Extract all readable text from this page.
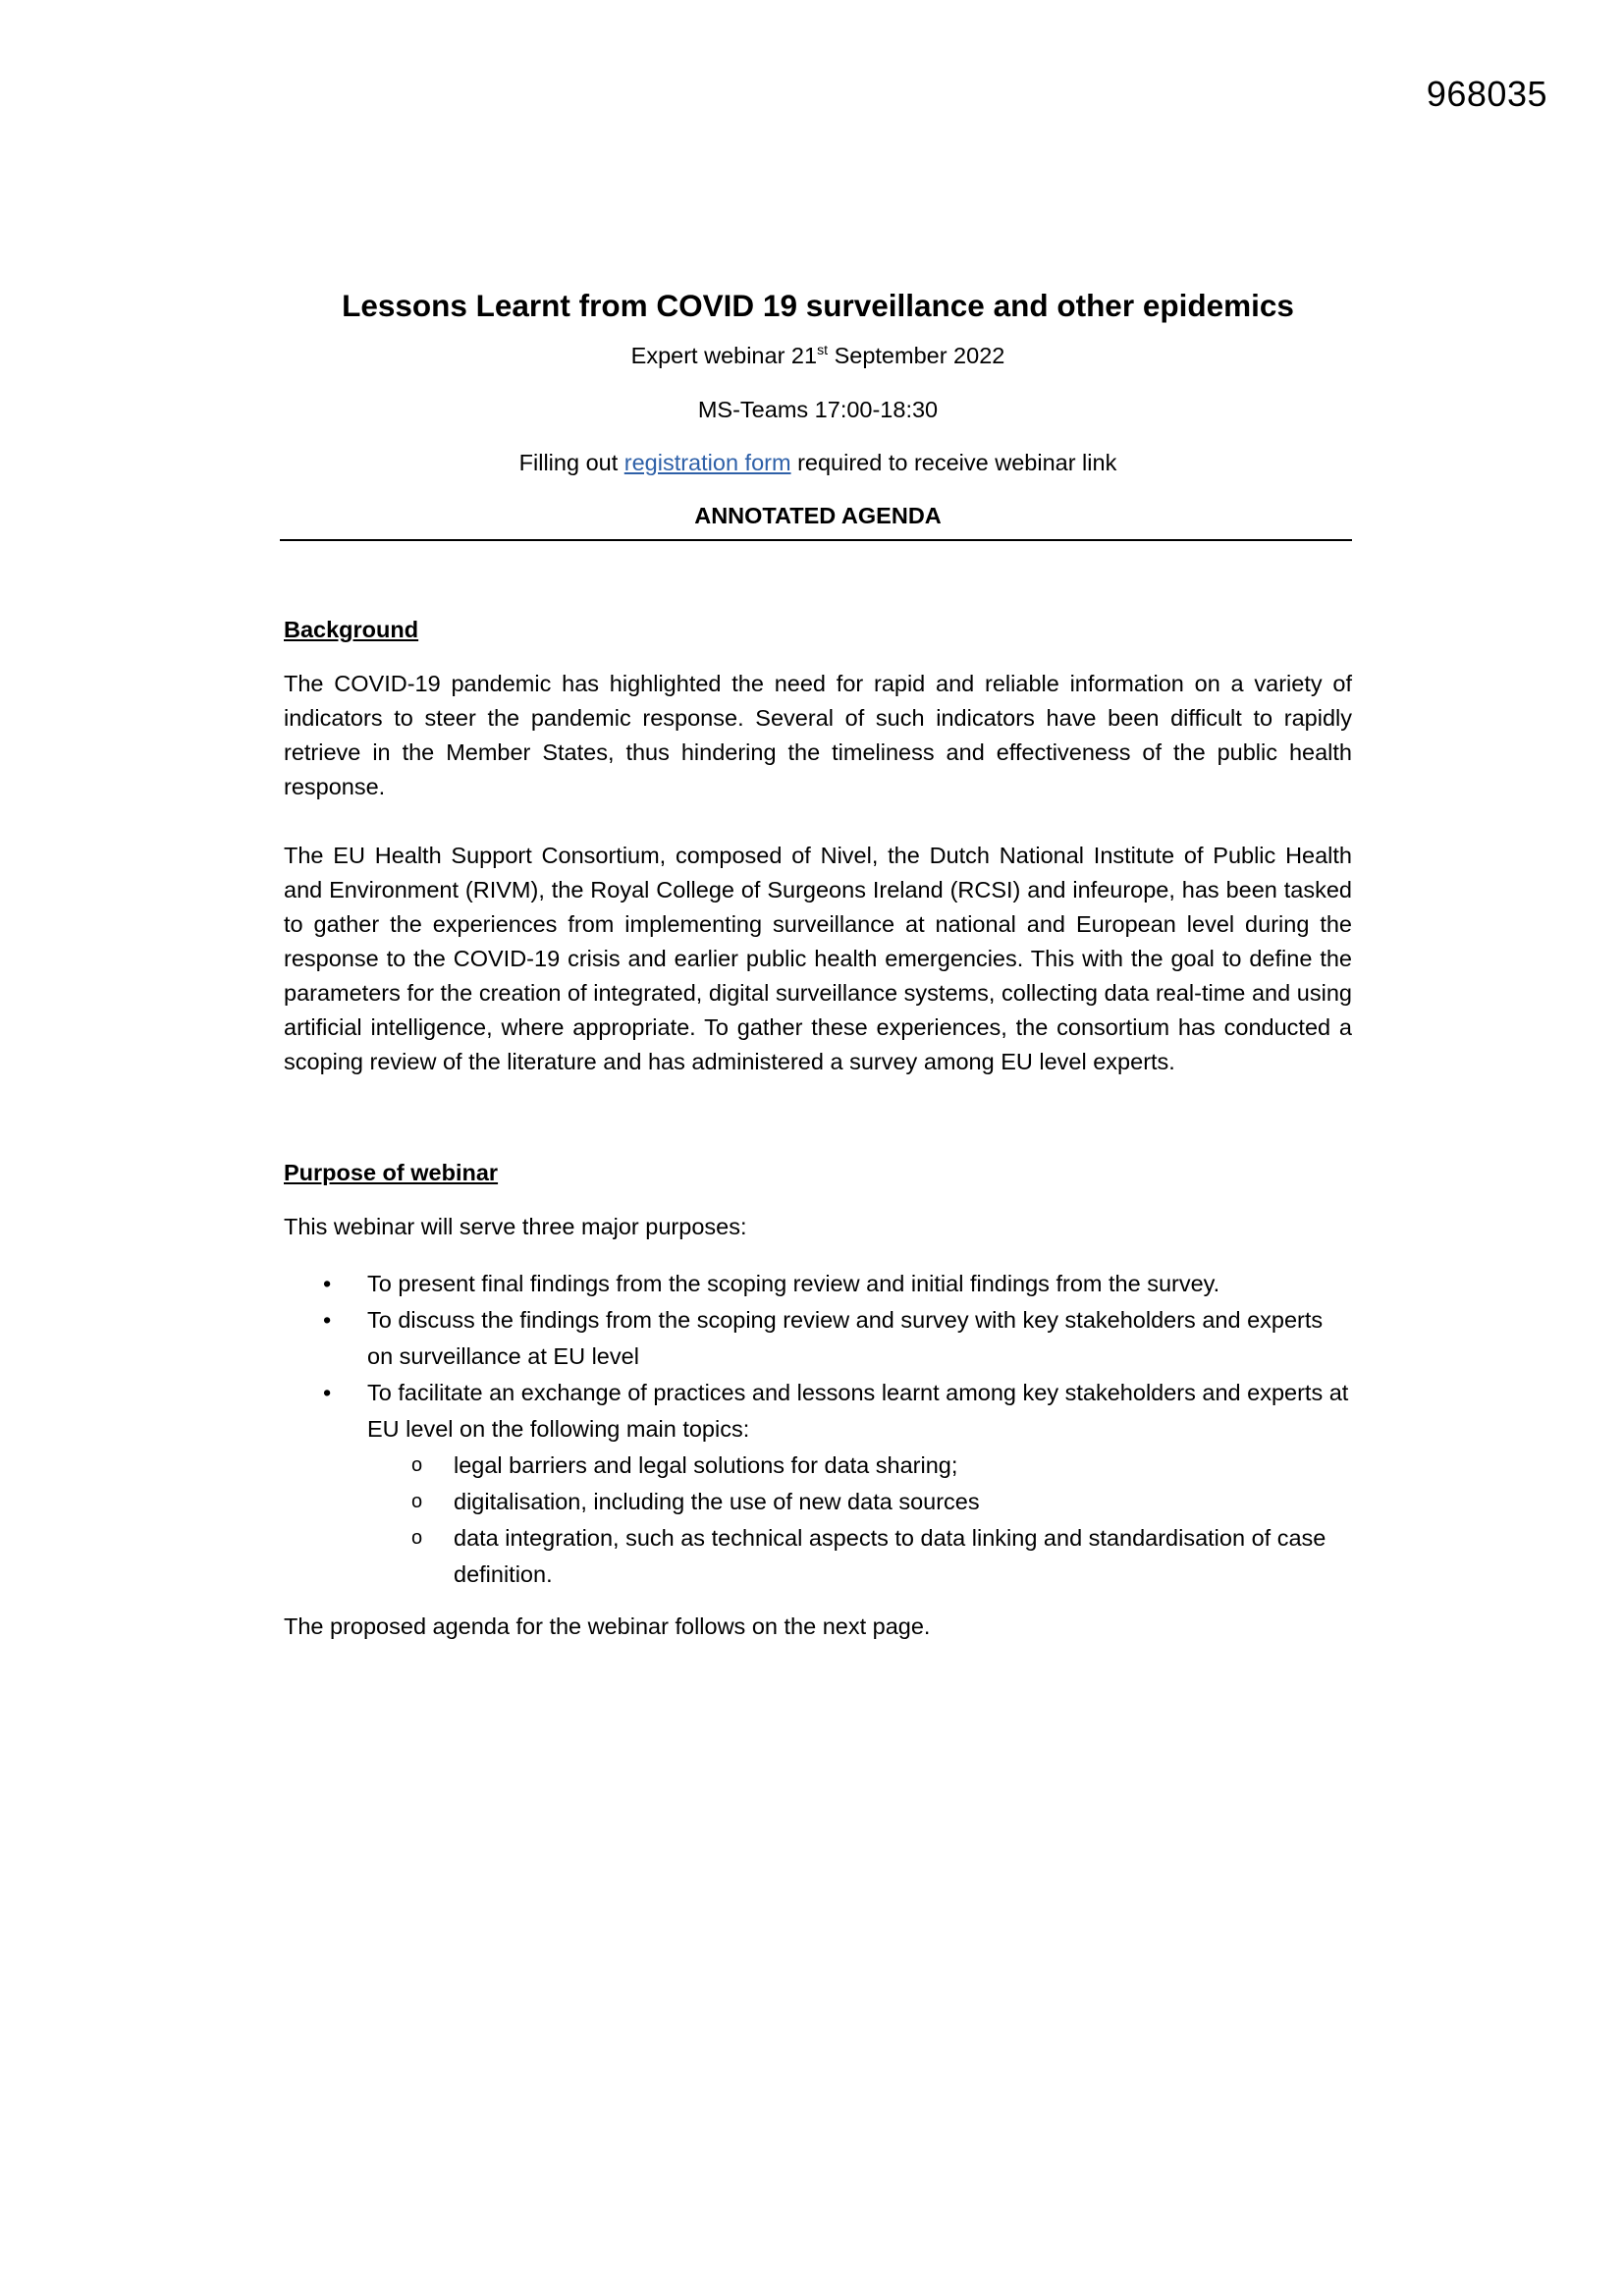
968035
Lessons Learnt from COVID 19 surveillance and other epidemics

Expert webinar 21st September 2022

MS-Teams 17:00-18:30

Filling out registration form required to receive webinar link

ANNOTATED AGENDA

Background

The COVID-19 pandemic has highlighted the need for rapid and reliable information on a variety of indicators to steer the pandemic response. Several of such indicators have been difficult to rapidly retrieve in the Member States, thus hindering the timeliness and effectiveness of the public health response.

The EU Health Support Consortium, composed of Nivel, the Dutch National Institute of Public Health and Environment (RIVM), the Royal College of Surgeons Ireland (RCSI) and infeurope, has been tasked to gather the experiences from implementing surveillance at national and European level during the response to the COVID-19 crisis and earlier public health emergencies. This with the goal to define the parameters for the creation of integrated, digital surveillance systems, collecting data real-time and using artificial intelligence, where appropriate. To gather these experiences, the consortium has conducted a scoping review of the literature and has administered a survey among EU level experts.

Purpose of webinar

This webinar will serve three major purposes:

• To present final findings from the scoping review and initial findings from the survey.
• To discuss the findings from the scoping review and survey with key stakeholders and experts on surveillance at EU level
• To facilitate an exchange of practices and lessons learnt among key stakeholders and experts at EU level on the following main topics:
o legal barriers and legal solutions for data sharing;
o digitalisation, including the use of new data sources
o data integration, such as technical aspects to data linking and standardisation of case definition.

The proposed agenda for the webinar follows on the next page.
